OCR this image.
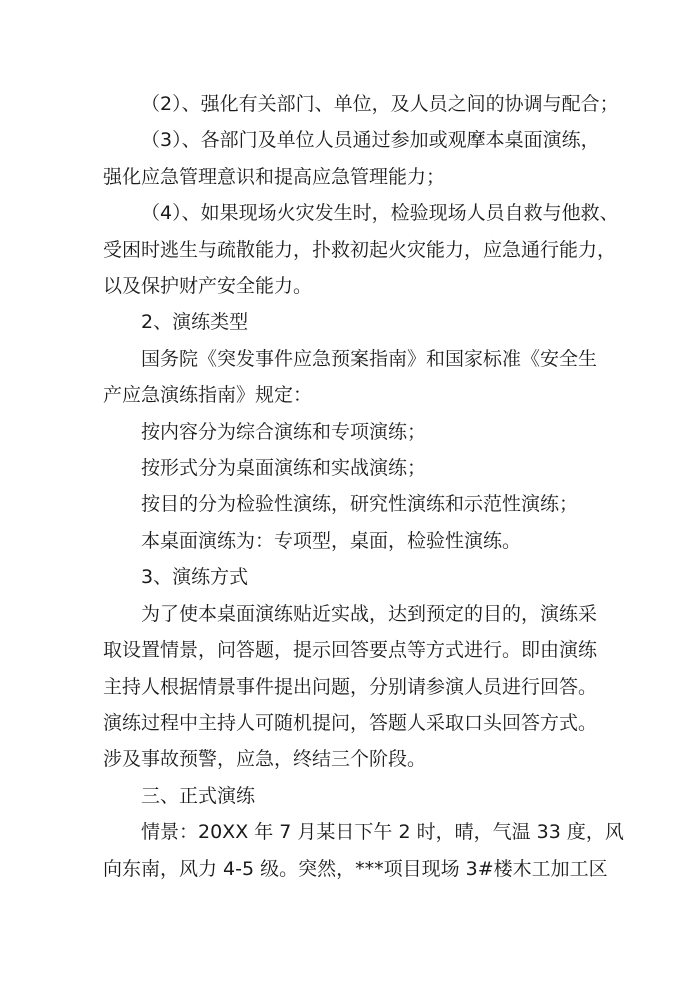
（2）、强化有关部门、单位，及人员之间的协调与配合；
（3）、各部门及单位人员通过参加或观摩本桌面演练，
强化应急管理意识和提高应急管理能力；
（4）、如果现场火灾发生时，检验现场人员自救与他救、
受困时逃生与疏散能力，扑救初起火灾能力，应急通行能力，
以及保护财产安全能力。
2、演练类型
国务院《突发事件应急预案指南》和国家标准《安全生
产应急演练指南》规定：
按内容分为综合演练和专项演练；
按形式分为桌面演练和实战演练；
按目的分为检验性演练，研究性演练和示范性演练；
本桌面演练为：专项型，桌面，检验性演练。
3、演练方式
为了使本桌面演练贴近实战，达到预定的目的，演练采
取设置情景，问答题，提示回答要点等方式进行。即由演练
主持人根据情景事件提出问题，分别请参演人员进行回答。
演练过程中主持人可随机提问，答题人采取口头回答方式。
涉及事故预警，应急，终结三个阶段。
三、正式演练
情景：20XX 年 7 月某日下午 2 时，晴，气温 33 度，风
向东南，风力 4-5 级。突然，***项目现场 3#楼木工加工区
